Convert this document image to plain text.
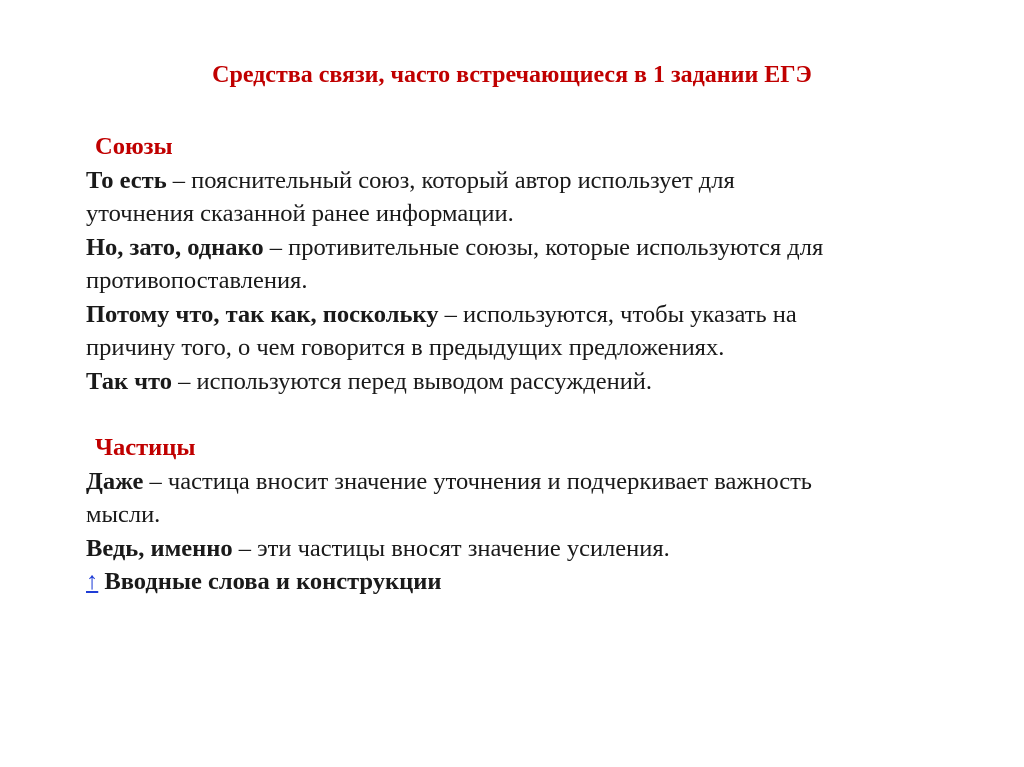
Средства связи, часто встречающиеся в 1 задании ЕГЭ
Союзы
То есть – пояснительный союз, который автор использует для
уточнения сказанной ранее информации.
Но, зато, однако – противительные союзы, которые используются для
противопоставления.
Потому что, так как, поскольку – используются, чтобы указать на
причину того, о чем говорится в предыдущих предложениях.
Так что – используются перед выводом рассуждений.
Частицы
Даже – частица вносит значение уточнения и подчеркивает важность
мысли.
Ведь, именно – эти частицы вносят значение усиления.
↑ Вводные слова и конструкции
